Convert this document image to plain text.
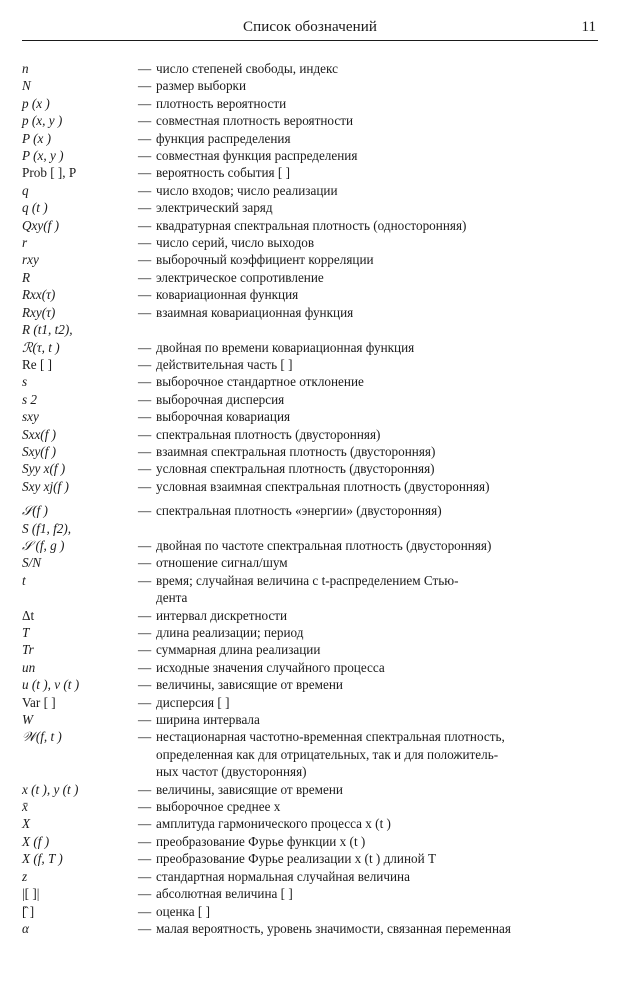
Список обозначений	11
n	— число степеней свободы, индекс
N	— размер выборки
p (x )	— плотность вероятности
p (x, y )	— совместная плотность вероятности
P (x )	— функция распределения
P (x, y )	— совместная функция распределения
Prob [ ], P	— вероятность события [ ]
q	— число входов; число реализации
q (t )	— электрический заряд
Qxy(f )	— квадратурная спектральная плотность (односторонняя)
r	— число серий, число выходов
rxy	— выборочный коэффициент корреляции
R	— электрическое сопротивление
Rxx(τ)	— ковариационная функция
Rxy(τ)	— взаимная ковариационная функция
R (t1, t2),
ℛ(τ, t )	— двойная по времени ковариационная функция
Re [ ]	— действительная часть [ ]
s	— выборочное стандартное отклонение
s 2	— выборочная дисперсия
sxy	— выборочная ковариация
Sxx(f )	— спектральная плотность (двусторонняя)
Sxy(f )	— взаимная спектральная плотность (двусторонняя)
Syy x(f )	— условная спектральная плотность (двусторонняя)
Sxy xj(f )	— условная взаимная спектральная плотность (двусторонняя)
𝒮(f )	— спектральная плотность «энергии» (двусторонняя)
S (f1, f2),
𝒮 (f, g )	— двойная по частоте спектральная плотность (двусторонняя)
S/N	— отношение сигнал/шум
t	— время; случайная величина с t-распределением Стью-
дента
Δt	— интервал дискретности
T	— длина реализации; период
Tr	— суммарная длина реализации
un	— исходные значения случайного процесса
u (t ), v (t )	— величины, зависящие от времени
Var [ ]	— дисперсия [ ]
W	— ширина интервала
𝒲(f, t )	— нестационарная частотно-временная спектральная плотность,
определенная как для отрицательных, так и для положитель-
ных частот (двусторонняя)
x (t ), y (t )	— величины, зависящие от времени
x̄	— выборочное среднее x
X	— амплитуда гармонического процесса x (t )
X (f )	— преобразование Фурье функции x (t )
X (f, T )	— преобразование Фурье реализации x (t ) длиной T
z	— стандартная нормальная случайная величина
|[ ]|	— абсолютная величина [ ]
[̂ ]	— оценка [ ]
α	— малая вероятность, уровень значимости, связанная переменная
